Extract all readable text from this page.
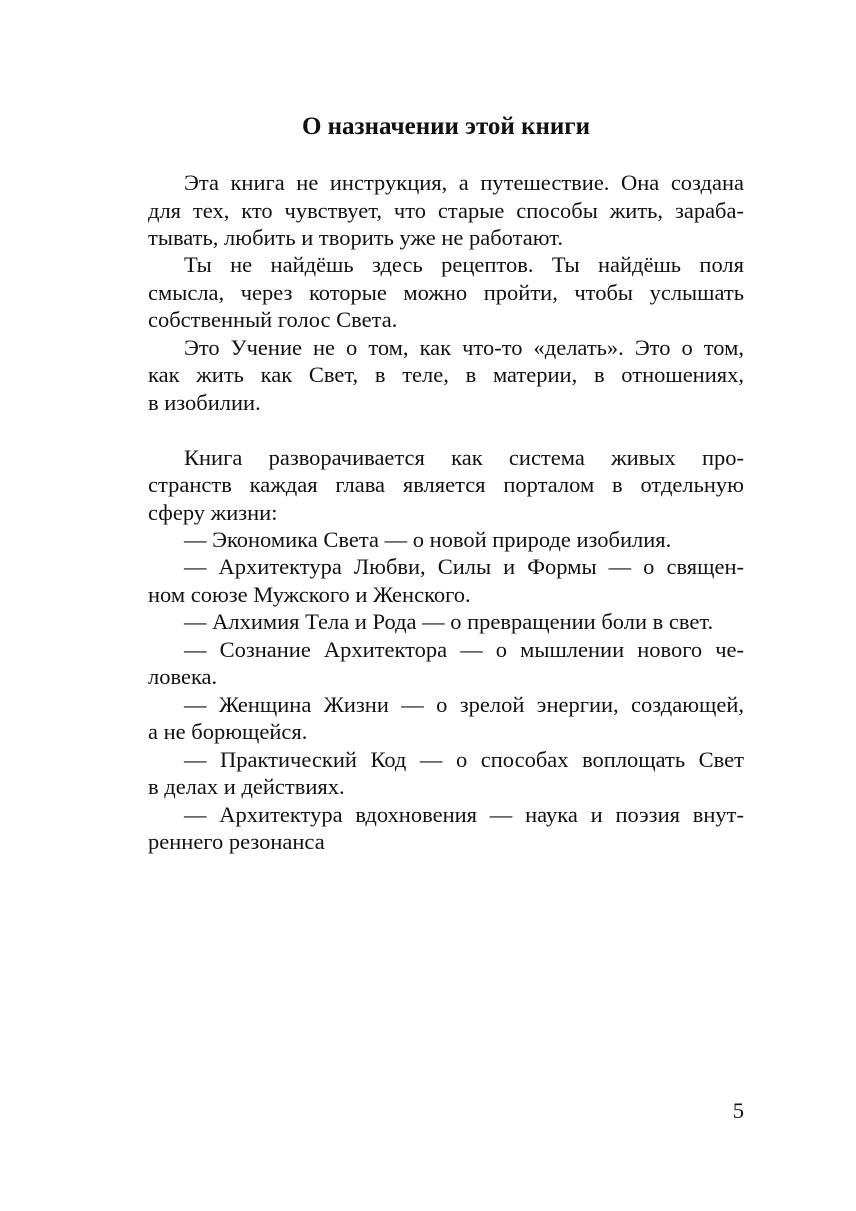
О назначении этой книги
Эта книга не инструкция, а путешествие. Она создана
для тех, кто чувствует, что старые способы жить, зараба-
тывать, любить и творить уже не работают.
Ты не найдёшь здесь рецептов. Ты найдёшь поля
смысла, через которые можно пройти, чтобы услышать
собственный голос Света.
Это Учение не о том, как что-то «делать». Это о том,
как жить как Свет, в теле, в материи, в отношениях,
в изобилии.
Книга разворачивается как система живых про-
странств каждая глава является порталом в отдельную
сферу жизни:
— Экономика Света — о новой природе изобилия.
— Архитектура Любви, Силы и Формы — о священ-
ном союзе Мужского и Женского.
— Алхимия Тела и Рода — о превращении боли в свет.
— Сознание Архитектора — о мышлении нового че-
ловека.
— Женщина Жизни — о зрелой энергии, создающей,
а не борющейся.
— Практический Код — о способах воплощать Свет
в делах и действиях.
— Архитектура вдохновения — наука и поэзия внут-
реннего резонанса
5
